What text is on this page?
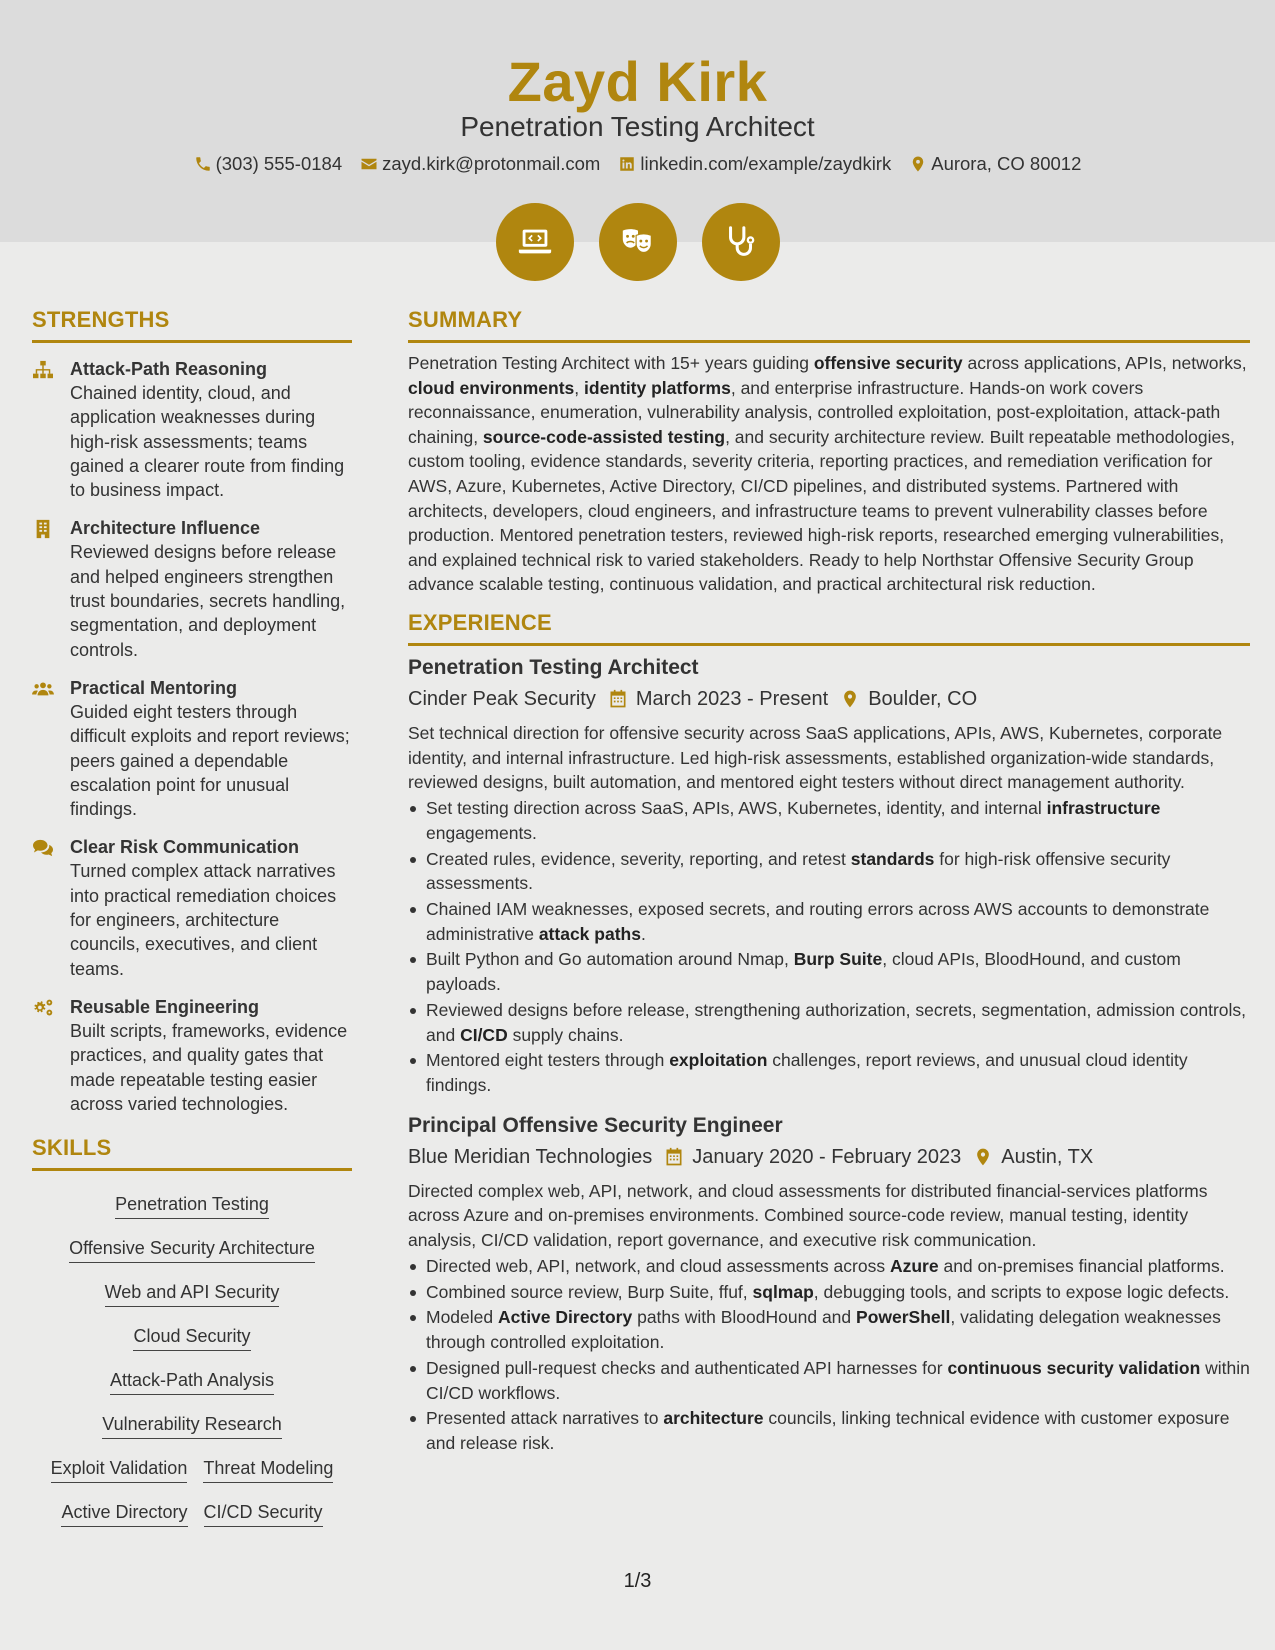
Zayd Kirk
Penetration Testing Architect
(303) 555-0184 zayd.kirk@protonmail.com linkedin.com/example/zaydkirk Aurora, CO 80012
STRENGTHS
Attack-Path Reasoning
Chained identity, cloud, and application weaknesses during high-risk assessments; teams gained a clearer route from finding to business impact.
Architecture Influence
Reviewed designs before release and helped engineers strengthen trust boundaries, secrets handling, segmentation, and deployment controls.
Practical Mentoring
Guided eight testers through difficult exploits and report reviews; peers gained a dependable escalation point for unusual findings.
Clear Risk Communication
Turned complex attack narratives into practical remediation choices for engineers, architecture councils, executives, and client teams.
Reusable Engineering
Built scripts, frameworks, evidence practices, and quality gates that made repeatable testing easier across varied technologies.
SKILLS
Penetration Testing
Offensive Security Architecture
Web and API Security
Cloud Security
Attack-Path Analysis
Vulnerability Research
Exploit Validation Threat Modeling
Active Directory CI/CD Security
SUMMARY
Penetration Testing Architect with 15+ years guiding offensive security across applications, APIs, networks, cloud environments, identity platforms, and enterprise infrastructure. Hands-on work covers reconnaissance, enumeration, vulnerability analysis, controlled exploitation, post-exploitation, attack-path chaining, source-code-assisted testing, and security architecture review. Built repeatable methodologies, custom tooling, evidence standards, severity criteria, reporting practices, and remediation verification for AWS, Azure, Kubernetes, Active Directory, CI/CD pipelines, and distributed systems. Partnered with architects, developers, cloud engineers, and infrastructure teams to prevent vulnerability classes before production. Mentored penetration testers, reviewed high-risk reports, researched emerging vulnerabilities, and explained technical risk to varied stakeholders. Ready to help Northstar Offensive Security Group advance scalable testing, continuous validation, and practical architectural risk reduction.
EXPERIENCE
Penetration Testing Architect
Cinder Peak Security March 2023 - Present Boulder, CO
Set technical direction for offensive security across SaaS applications, APIs, AWS, Kubernetes, corporate identity, and internal infrastructure. Led high-risk assessments, established organization-wide standards, reviewed designs, built automation, and mentored eight testers without direct management authority.
Set testing direction across SaaS, APIs, AWS, Kubernetes, identity, and internal infrastructure engagements.
Created rules, evidence, severity, reporting, and retest standards for high-risk offensive security assessments.
Chained IAM weaknesses, exposed secrets, and routing errors across AWS accounts to demonstrate administrative attack paths.
Built Python and Go automation around Nmap, Burp Suite, cloud APIs, BloodHound, and custom payloads.
Reviewed designs before release, strengthening authorization, secrets, segmentation, admission controls, and CI/CD supply chains.
Mentored eight testers through exploitation challenges, report reviews, and unusual cloud identity findings.
Principal Offensive Security Engineer
Blue Meridian Technologies January 2020 - February 2023 Austin, TX
Directed complex web, API, network, and cloud assessments for distributed financial-services platforms across Azure and on-premises environments. Combined source-code review, manual testing, identity analysis, CI/CD validation, report governance, and executive risk communication.
Directed web, API, network, and cloud assessments across Azure and on-premises financial platforms.
Combined source review, Burp Suite, ffuf, sqlmap, debugging tools, and scripts to expose logic defects.
Modeled Active Directory paths with BloodHound and PowerShell, validating delegation weaknesses through controlled exploitation.
Designed pull-request checks and authenticated API harnesses for continuous security validation within CI/CD workflows.
Presented attack narratives to architecture councils, linking technical evidence with customer exposure and release risk.
1/3
